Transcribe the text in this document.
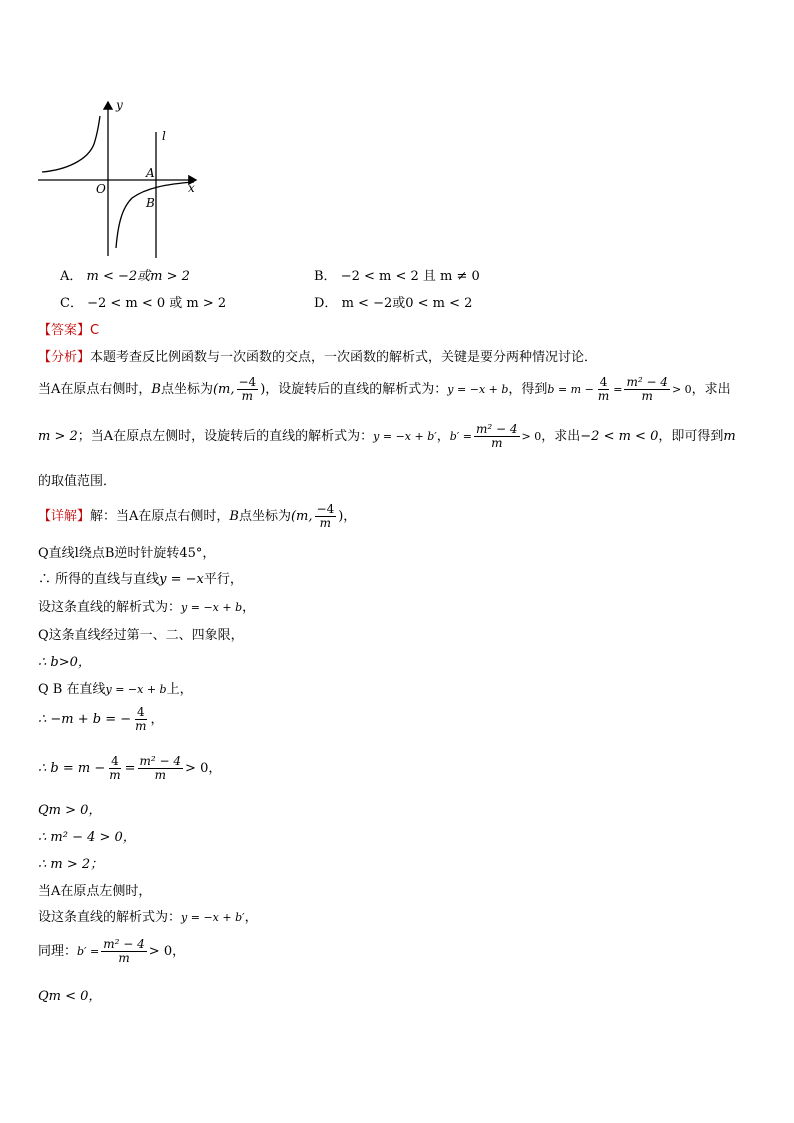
y
x
O
l
A
B
A． m < −2或m > 2	B． −2 < m < 2 且 m ≠ 0
C． −2 < m < 0 或 m > 2	D． m < −2或0 < m < 2
【答案】C
【分析】本题考查反比例函数与一次函数的交点，一次函数的解析式，关键是要分两种情况讨论．
当A在原点右侧时，B点坐标为(m, $\frac{-4}{m}$ )，设旋转后的直线的解析式为：y = −x + b，得到$b = m - \frac{4}{m} = \frac{\text{m² − 4}}{m} > 0$，求出
m > 2；当A在原点左侧时，设旋转后的直线的解析式为：y = −x + b′，$b' = \frac{\text{m² − 4}}{m} > 0$，求出−2 < m < 0，即可得到m
的取值范围．
【详解】解：当A在原点右侧时，B点坐标为(m, $\frac{-4}{m}$ )，
Q直线l绕点B逆时针旋转45°，
∴ 所得的直线与直线y = −x平行，
设这条直线的解析式为：y = −x + b，
Q这条直线经过第一、二、四象限，
∴ b>0，
Q B 在直线y = −x + b上，
∴ −m + b = − $\frac{4}{m}$ ，
∴ $b = m - \frac{4}{m} = \frac{\text{m² − 4}}{m} > 0$，
Qm > 0，
∴ m² − 4 > 0，
∴ m > 2；
当A在原点左侧时，
设这条直线的解析式为：y = −x + b′，
同理：$b' = \frac{\text{m² − 4}}{m} > 0$，
Qm < 0，
